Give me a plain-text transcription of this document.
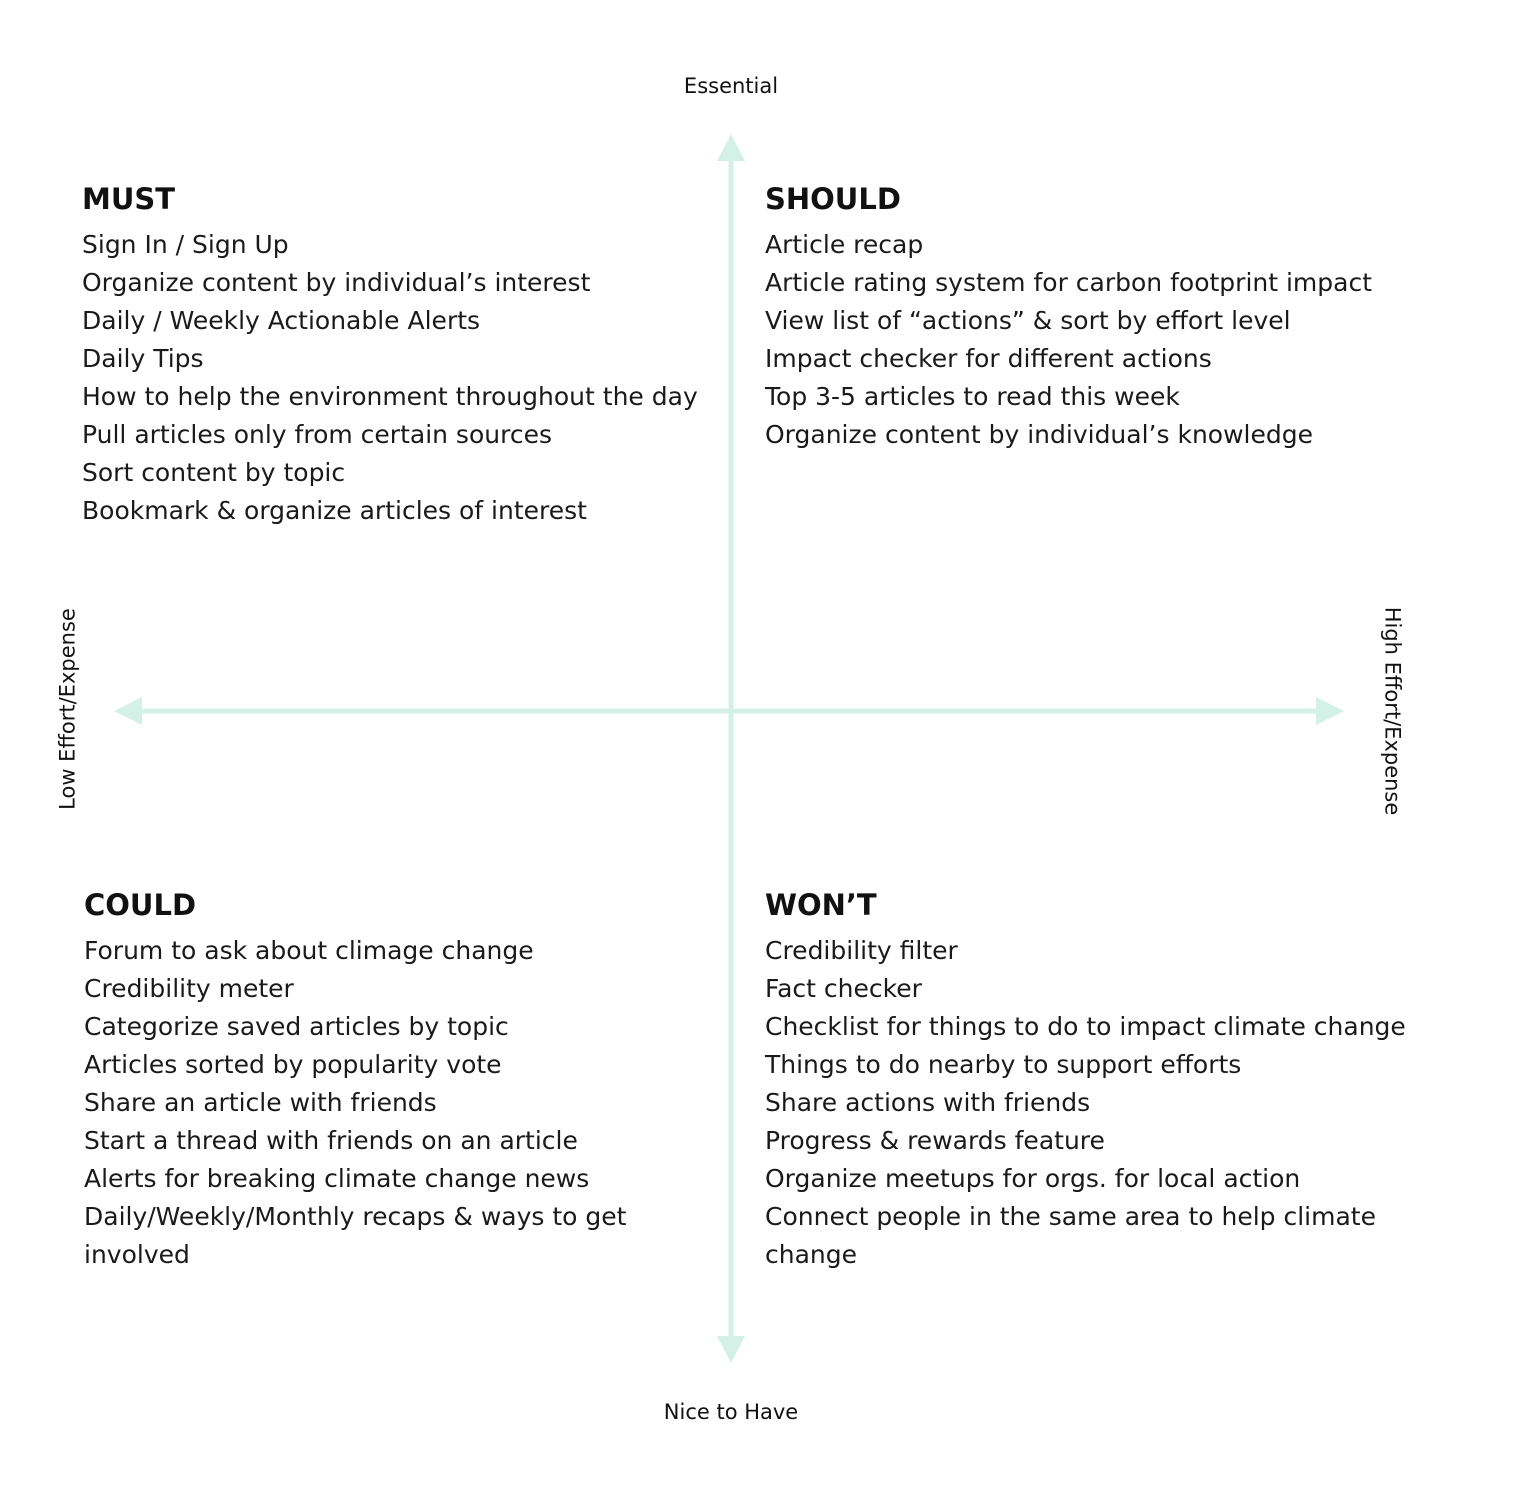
Essential
Nice to Have
Low Effort/Expense	High Effort/Expense
MUST
Sign In / Sign Up
Organize content by individual’s interest
Daily / Weekly Actionable Alerts
Daily Tips
How to help the environment throughout the day
Pull articles only from certain sources
Sort content by topic
Bookmark & organize articles of interest
SHOULD
Article recap
Article rating system for carbon footprint impact
View list of “actions” & sort by effort level
Impact checker for different actions
Top 3-5 articles to read this week
Organize content by individual’s knowledge
COULD
Forum to ask about climage change
Credibility meter
Categorize saved articles by topic
Articles sorted by popularity vote
Share an article with friends
Start a thread with friends on an article
Alerts for breaking climate change news
Daily/Weekly/Monthly recaps & ways to get involved
WON’T
Credibility filter
Fact checker
Checklist for things to do to impact climate change
Things to do nearby to support efforts
Share actions with friends
Progress & rewards feature
Organize meetups for orgs. for local action
Connect people in the same area to help climate change
